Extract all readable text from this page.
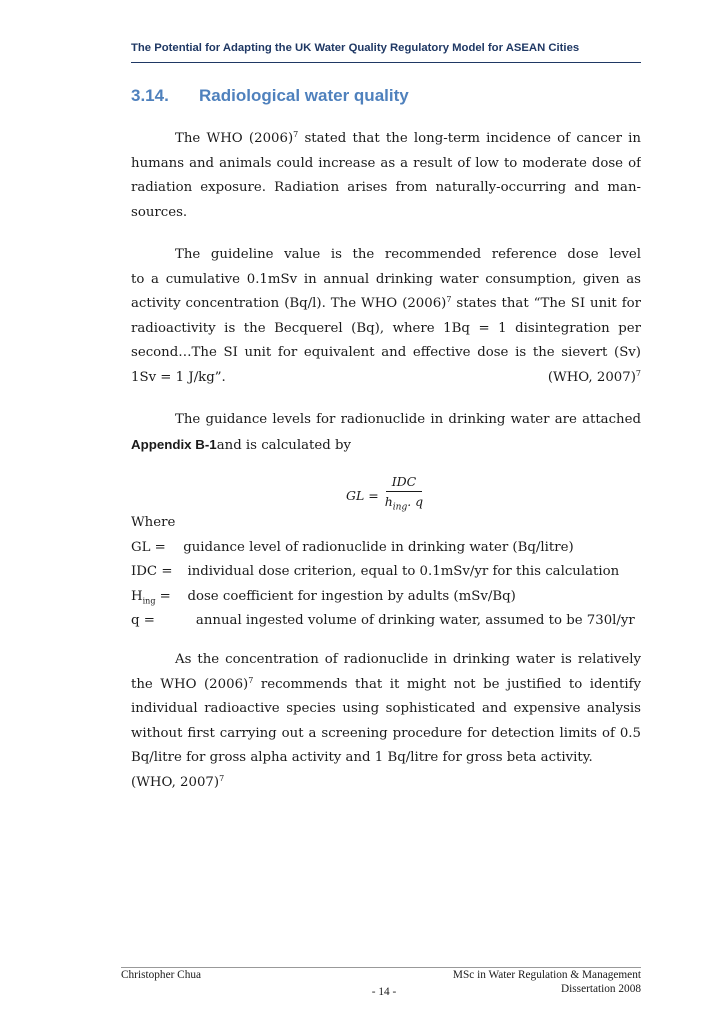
The Potential for Adapting the UK Water Quality Regulatory Model for ASEAN Cities
3.14. Radiological water quality
The WHO (2006)$^7$ stated that the long-term incidence of cancer in
humans and animals could increase as a result of low to moderate dose of
radiation exposure. Radiation arises from naturally-occurring and man-
sources.
The guideline value is the recommended reference dose level
to a cumulative 0.1mSv in annual drinking water consumption, given as
activity concentration (Bq/l). The WHO (2006)$^7$ states that “The SI unit for
radioactivity is the Becquerel (Bq), where 1Bq = 1 disintegration per
second…The SI unit for equivalent and effective dose is the sievert (Sv)
1Sv = 1 J/kg”.	(WHO, 2007)$^7$
The guidance levels for radionuclide in drinking water are attached
Appendix B-1and is calculated by
GL = $\frac{\text{IDC}}{h_{ing}. q}$
Where
GL = guidance level of radionuclide in drinking water (Bq/litre)
IDC = individual dose criterion, equal to 0.1mSv/yr for this calculation
$H_{ing}$ = dose coefficient for ingestion by adults (mSv/Bq)
q =	annual ingested volume of drinking water, assumed to be 730l/yr
As the concentration of radionuclide in drinking water is relatively
the WHO (2006)$^7$ recommends that it might not be justified to identify
individual radioactive species using sophisticated and expensive analysis
without first carrying out a screening procedure for detection limits of 0.5
Bq/litre for gross alpha activity and 1 Bq/litre for gross beta activity.
(WHO, 2007)$^7$
Christopher Chua	MSc in Water Regulation & Management
Dissertation 2008
- 14 -
